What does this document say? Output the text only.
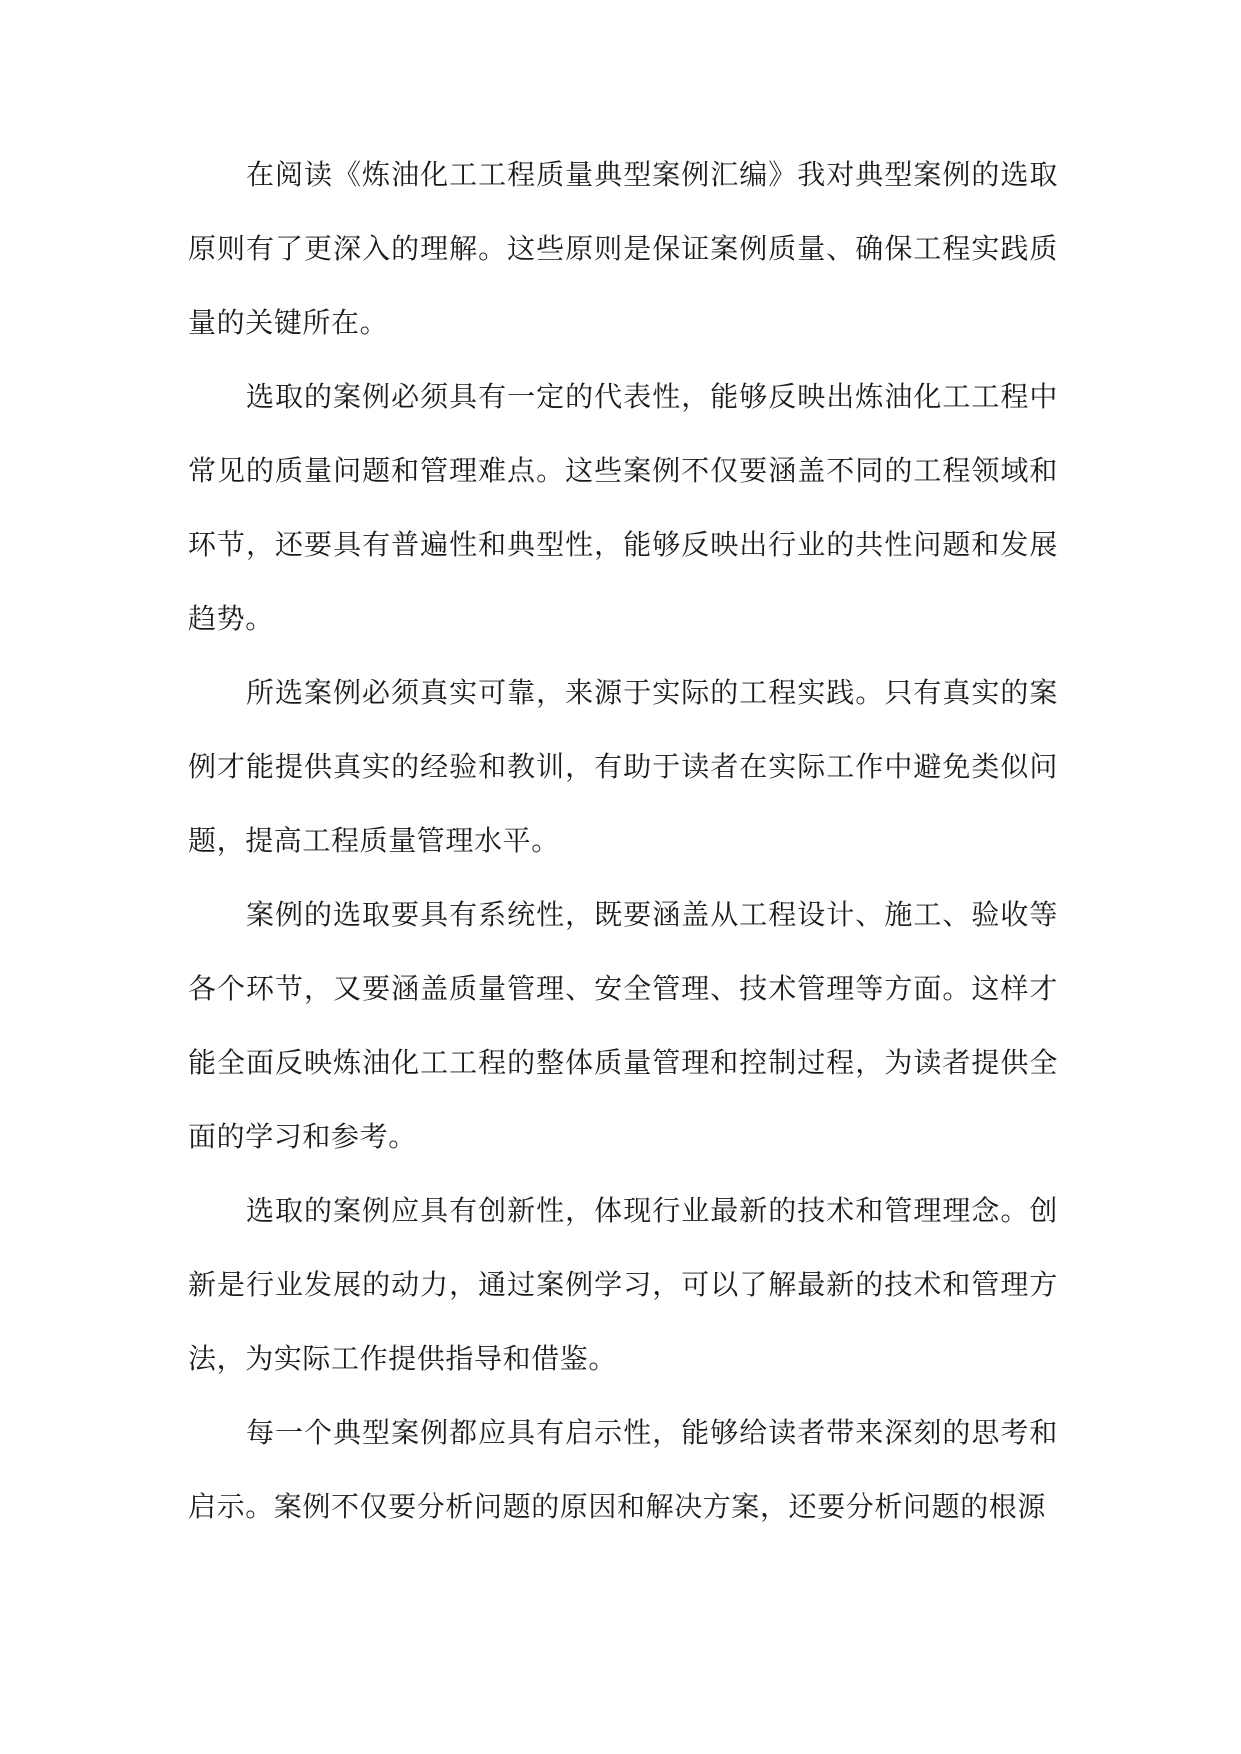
在阅读《炼油化工工程质量典型案例汇编》我对典型案例的选取原则有了更深入的理解。这些原则是保证案例质量、确保工程实践质量的关键所在。

选取的案例必须具有一定的代表性，能够反映出炼油化工工程中常见的质量问题和管理难点。这些案例不仅要涵盖不同的工程领域和环节，还要具有普遍性和典型性，能够反映出行业的共性问题和发展趋势。

所选案例必须真实可靠，来源于实际的工程实践。只有真实的案例才能提供真实的经验和教训，有助于读者在实际工作中避免类似问题，提高工程质量管理水平。

案例的选取要具有系统性，既要涵盖从工程设计、施工、验收等各个环节，又要涵盖质量管理、安全管理、技术管理等方面。这样才能全面反映炼油化工工程的整体质量管理和控制过程，为读者提供全面的学习和参考。

选取的案例应具有创新性，体现行业最新的技术和管理理念。创新是行业发展的动力，通过案例学习，可以了解最新的技术和管理方法，为实际工作提供指导和借鉴。

每一个典型案例都应具有启示性，能够给读者带来深刻的思考和启示。案例不仅要分析问题的原因和解决方案，还要分析问题的根源
